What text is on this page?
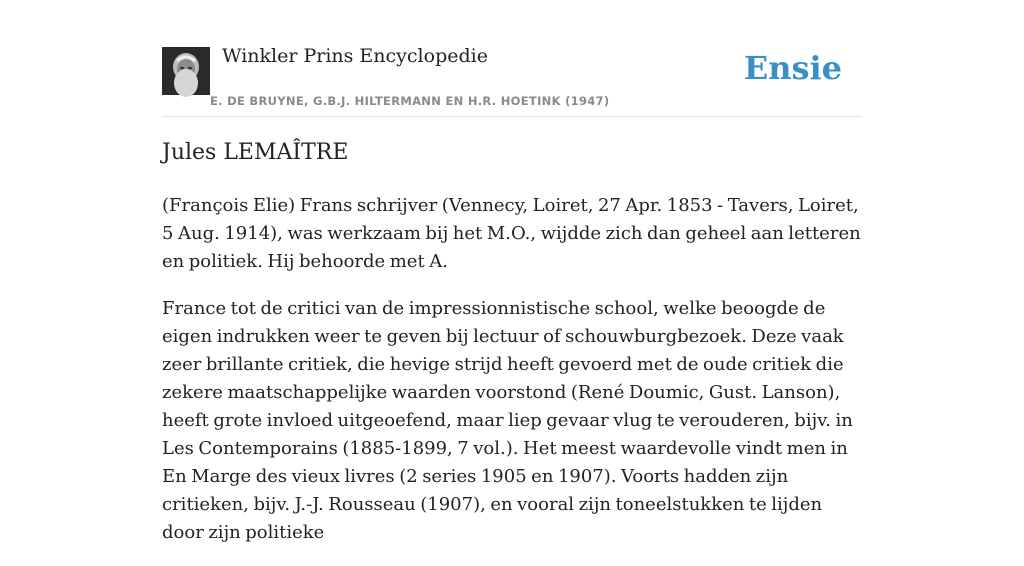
Winkler Prins Encyclopedie
E. DE BRUYNE, G.B.J. HILTERMANN EN H.R. HOETINK (1947)
Ensie
Jules LEMAÎTRE

(François Elie) Frans schrijver (Vennecy, Loiret, 27 Apr. 1853 - Tavers, Loiret, 5 Aug. 1914), was werkzaam bij het M.O., wijdde zich dan geheel aan letteren en politiek. Hij behoorde met A.

France tot de critici van de impressionnistische school, welke beoogde de eigen indrukken weer te geven bij lectuur of schouwburgbezoek. Deze vaak zeer brillante critiek, die hevige strijd heeft gevoerd met de oude critiek die zekere maatschappelijke waarden voorstond (René Doumic, Gust. Lanson), heeft grote invloed uitgeoefend, maar liep gevaar vlug te verouderen, bijv. in Les Contemporains (1885-1899, 7 vol.). Het meest waardevolle vindt men in En Marge des vieux livres (2 series 1905 en 1907). Voorts hadden zijn critieken, bijv. J.-J. Rousseau (1907), en vooral zijn toneelstukken te lijden door zijn politieke
